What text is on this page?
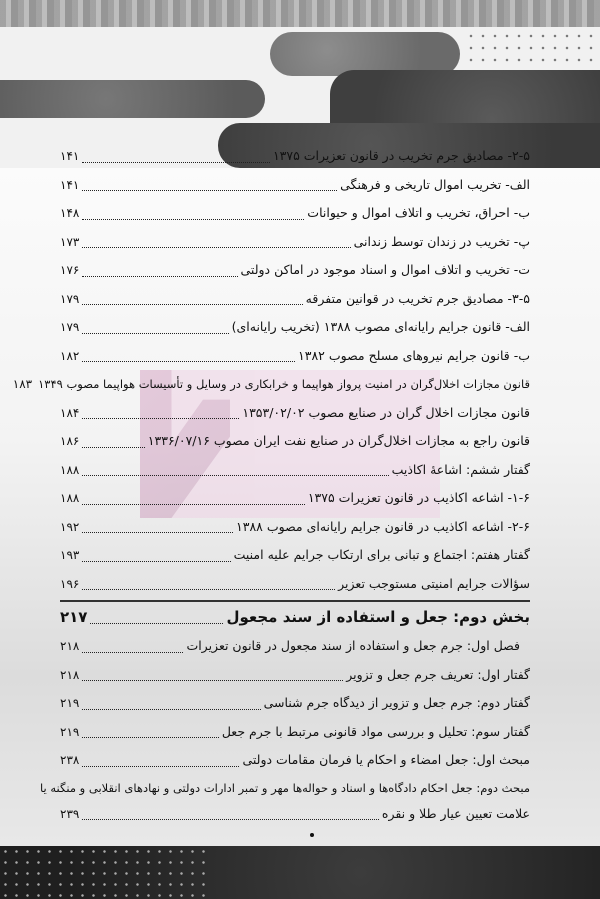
۲-۵- مصادیق جرم تخریب در قانون تعزیرات ۱۳۷۵
۱۴۱
الف- تخریب اموال تاریخی و فرهنگی
۱۴۱
ب- احراق، تخریب و اتلاف اموال و حیوانات
۱۴۸
پ- تخریب در زندان توسط زندانی
۱۷۳
ت- تخریب و اتلاف اموال و اسناد موجود در اماکن دولتی
۱۷۶
۳-۵- مصادیق جرم تخریب در قوانین متفرقه
۱۷۹
الف- قانون جرایم رایانه‌ای مصوب ۱۳۸۸ (تخریب رایانه‌ای)
۱۷۹
ب- قانون جرایم نیروهای مسلح مصوب ۱۳۸۲
۱۸۲
قانون مجازات اخلال‌گران در امنیت پرواز هواپیما و خرابکاری در وسایل و تأسیسات هواپیما مصوب ۱۳۴۹
۱۸۳
قانون مجازات اخلال گران در صنایع مصوب ۱۳۵۳/۰۲/۰۲
۱۸۴
قانون راجع به مجازات اخلال‌گران در صنایع نفت ایران مصوب ۱۳۳۶/۰۷/۱۶
۱۸۶
گفتار ششم: اشاعهٔ اکاذیب
۱۸۸
۱-۶- اشاعه اکاذیب در قانون تعزیرات ۱۳۷۵
۱۸۸
۲-۶- اشاعه اکاذیب در قانون جرایم رایانه‌ای مصوب ۱۳۸۸
۱۹۲
گفتار هفتم: اجتماع و تبانی برای ارتکاب جرایم علیه امنیت
۱۹۳
سؤالات جرایم امنیتی مستوجب تعزیر
۱۹۶
بخش دوم: جعل و استفاده از سند مجعول
۲۱۷
فصل اول: جرم جعل و استفاده از سند مجعول در قانون تعزیرات
۲۱۸
گفتار اول: تعریف جرم جعل و تزویر
۲۱۸
گفتار دوم: جرم جعل و تزویر از دیدگاه جرم شناسی
۲۱۹
گفتار سوم: تحلیل و بررسی مواد قانونی مرتبط با جرم جعل
۲۱۹
مبحث اول: جعل امضاء و احکام یا فرمان مقامات دولتی
۲۳۸
مبحث دوم: جعل احکام دادگاه‌ها و اسناد و حواله‌ها مهر و تمبر ادارات دولتی و نهادهای انقلابی و منگنه یا
علامت تعیین عیار طلا و نقره
۲۳۹
